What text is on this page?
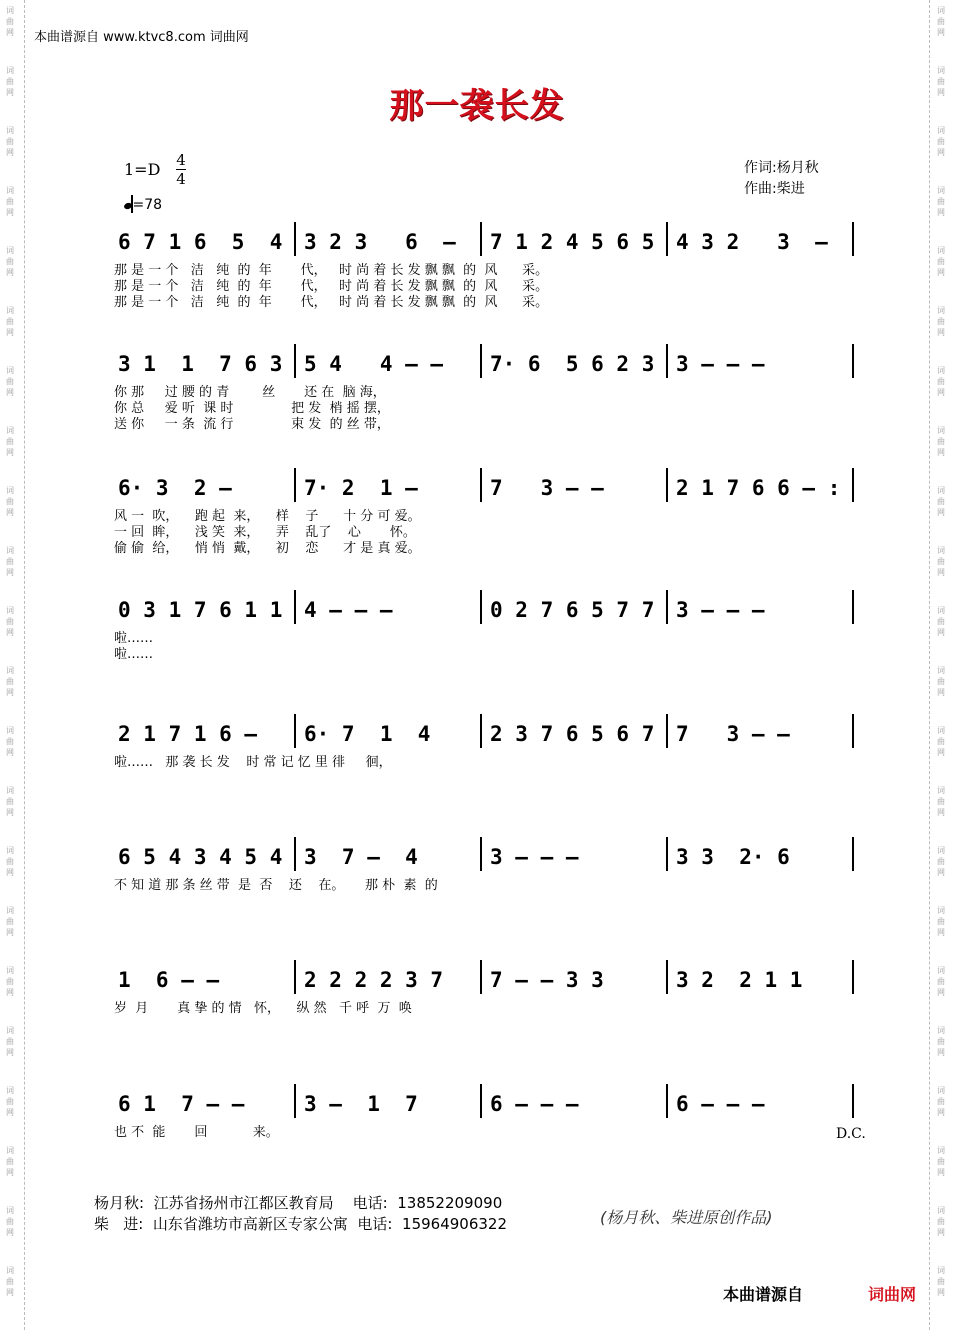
本曲谱源自 www.ktvc8.com 词曲网
那一袭长发
1=D 4
4
=78
作词:杨月秋
作曲:柴进
6 7 1 6  5  4 3 2 3   6  – 7 1 2 4 5 6 5 4 3 2   3  –
那 是 一 个   洁   纯  的  年       代，   时 尚 着 长 发 飘 飘  的  风      采。
那 是 一 个   洁   纯  的  年       代，   时 尚 着 长 发 飘 飘  的  风      采。
那 是 一 个   洁   纯  的  年       代，   时 尚 着 长 发 飘 飘  的  风      采。
3 1  1  7 6 3 5 4   4 – – 7· 6  5 6 2 3 3 – – –
你 那     过 腰 的 青        丝       还 在  脑 海，
你 总     爱 听  课 时              把 发  梢 摇 摆，
送 你     一 条  流 行              束 发  的 丝 带，
6· 3  2 –	7· 2  1 –	7   3 – –	2 1 7 6 6 – :
风 一  吹，    跑 起  来，    样    子      十 分 可 爱。
一 回  眸，    浅 笑  来，    弄    乱了    心       怀。
偷 偷  给，    悄 悄  戴，    初    恋      才 是 真 爱。
0 3 1 7 6 1 1 4 – – –	0 2 7 6 5 7 7 3 – – –
啦……
啦……
2 1 7 1 6 – 6· 7  1  4	2 3 7 6 5 6 7 7   3 – –
啦……   那 袭 长 发    时 常 记 忆 里 徘     徊，
6 5 4 3 4 5 4 3  7 –  4	3 – – –	3 3  2· 6
不 知 道 那 条 丝 带  是  否    还    在。     那 朴  素  的
1  6 – –	2 2 2 2 3 7 7 – – 3 3	3 2  2 1 1
岁  月       真 挚 的 情   怀，    纵 然   千 呼  万  唤
6 1  7 – –	3 –  1  7	6 – – –	6 – – –
也 不  能       回           来。	D.C.
杨月秋:  江苏省扬州市江都区教育局    电话:  13852209090
柴   进:  山东省潍坊市高新区专家公寓  电话:  15964906322	(杨月秋、柴进原创作品)
本曲谱源自	词曲网
词
曲
网
词
曲
网
词
曲
网
词
曲
网
词
曲
网
词
曲
网
词
曲
网
词
曲
网
词
曲
网
词
曲
网
词
曲
网
词
曲
网
词
曲
网
词
曲
网
词
曲
网
词
曲
网
词
曲
网
词
曲
网
词
曲
网
词
曲
网
词
曲
网
词
曲
网
词
曲
网
词
曲
网
词
曲
网
词
曲
网
词
曲
网
词
曲
网
词
曲
网
词
曲
网
词
曲
网
词
曲
网
词
曲
网
词
曲
网
词
曲
网
词
曲
网
词
曲
网
词
曲
网
词
曲
网
词
曲
网
词
曲
网
词
曲
网
词
曲
网
词
曲
网
